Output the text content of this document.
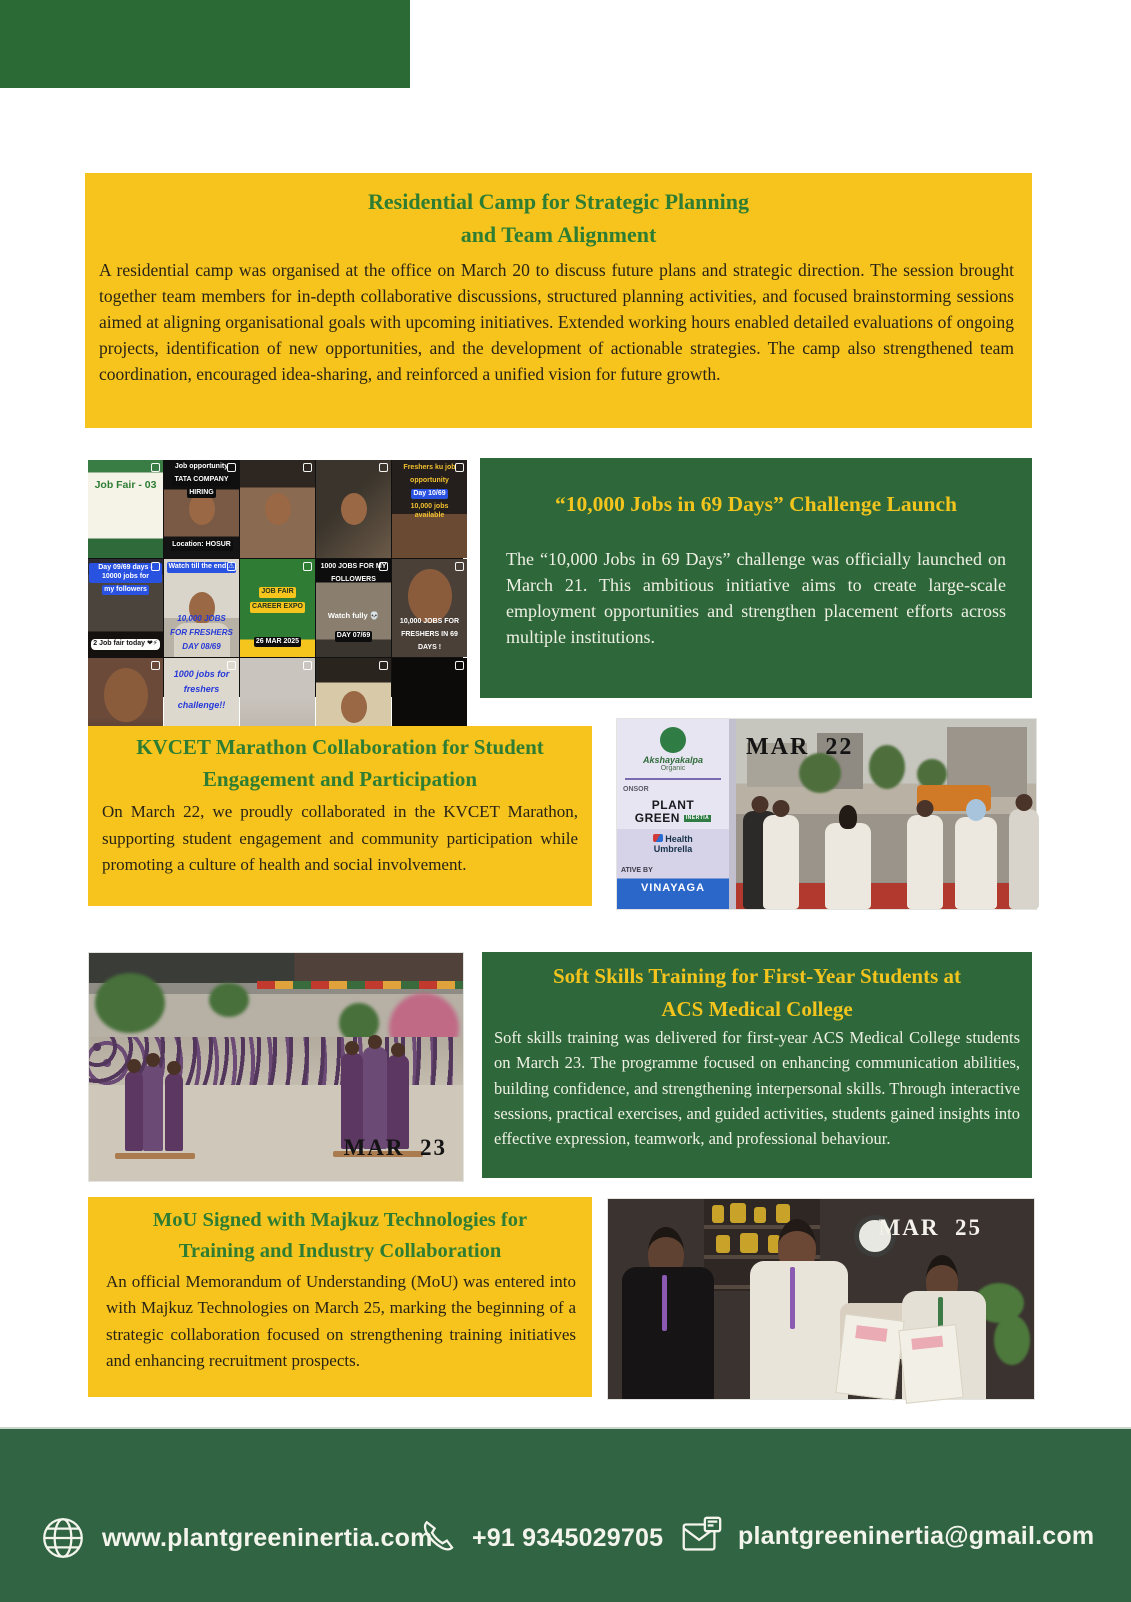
Residential Camp for Strategic Planning
and Team Alignment
A residential camp was organised at the office on March 20 to discuss future plans and strategic direction. The session brought together team members for in-depth collaborative discussions, structured planning activities, and focused brainstorming sessions aimed at aligning organisational goals with upcoming initiatives. Extended working hours enabled detailed evaluations of ongoing projects, identification of new opportunities, and the development of actionable strategies. The camp also strengthened team coordination, encouraged idea-sharing, and reinforced a unified vision for future growth.
Job Fair - 03
Job opportunity
TATA COMPANY
HIRING
Location: HOSUR
Freshers ku job
opportunity
Day 10/69
10,000 jobs available
Day 09/69 days - 10000 jobs for
my followers
2 Job fair today ❤⚡
Watch till the end ⚠
10,000 JOBS
FOR FRESHERS
DAY 08/69
JOB FAIR
CAREER EXPO
26 MAR 2025
1000 JOBS FOR MY
FOLLOWERS
Watch fully 💀
DAY 07/69
10,000 JOBS FOR
FRESHERS IN 69
DAYS !
1000 jobs for
freshers
challenge!!
“10,000 Jobs in 69 Days” Challenge Launch
The “10,000 Jobs in 69 Days” challenge was officially launched on March 21. This ambitious initiative aims to create large-scale employment opportunities and strengthen placement efforts across multiple institutions.
KVCET Marathon Collaboration for Student
Engagement and Participation
On March 22, we proudly collaborated in the KVCET Marathon, supporting student engagement and community participation while promoting a culture of health and social involvement.
Akshayakalpa
Organic
ONSOR
PLANT
GREEN INERTIA
Health
Umbrella
ATIVE BY
VINAYAGA
MAR  22
MAR  23
Soft Skills Training for First-Year Students at
ACS Medical College
Soft skills training was delivered for first-year ACS Medical College students on March 23. The programme focused on enhancing communication abilities, building confidence, and strengthening interpersonal skills. Through interactive sessions, practical exercises, and guided activities, students gained insights into effective expression, teamwork, and professional behaviour.
MoU Signed with Majkuz Technologies for
Training and Industry Collaboration
An official Memorandum of Understanding (MoU) was entered into with Majkuz Technologies on March 25, marking the beginning of a strategic collaboration focused on strengthening training initiatives and enhancing recruitment prospects.
MAR  25
www.plantgreeninertia.com +91 9345029705	plantgreeninertia@gmail.com
